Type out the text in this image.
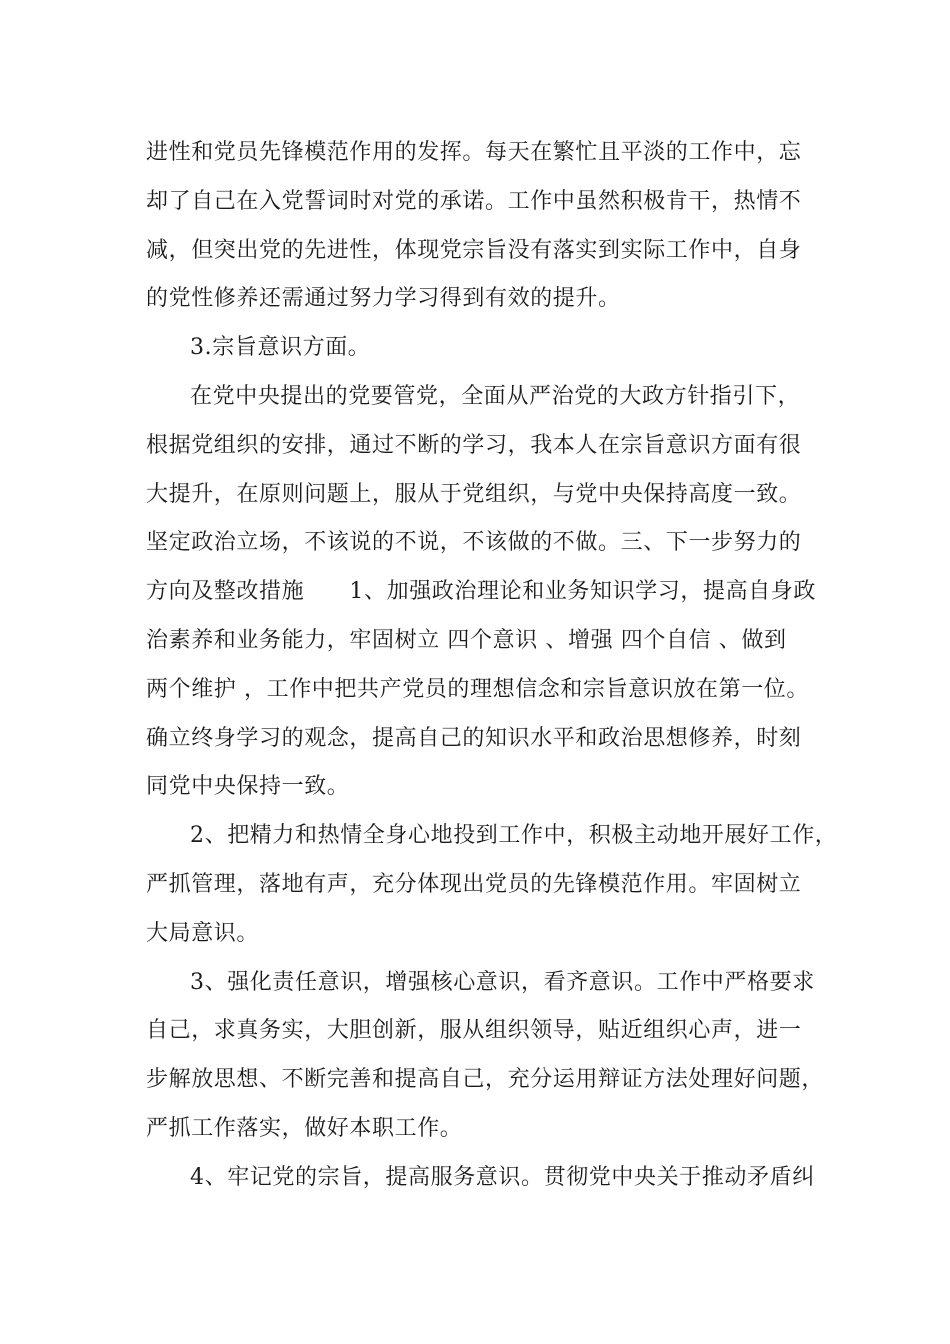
进性和党员先锋模范作用的发挥。每天在繁忙且平淡的工作中，忘
却了自己在入党誓词时对党的承诺。工作中虽然积极肯干，热情不
减，但突出党的先进性，体现党宗旨没有落实到实际工作中，自身
的党性修养还需通过努力学习得到有效的提升。

3.宗旨意识方面。

在党中央提出的党要管党，全面从严治党的大政方针指引下，
根据党组织的安排，通过不断的学习，我本人在宗旨意识方面有很
大提升，在原则问题上，服从于党组织，与党中央保持高度一致。
坚定政治立场，不该说的不说，不该做的不做。三、下一步努力的
方向及整改措施　　1、加强政治理论和业务知识学习，提高自身政
治素养和业务能力，牢固树立 四个意识 、增强 四个自信 、做到
两个维护 ，工作中把共产党员的理想信念和宗旨意识放在第一位。
确立终身学习的观念，提高自己的知识水平和政治思想修养，时刻
同党中央保持一致。

2、把精力和热情全身心地投到工作中，积极主动地开展好工作，
严抓管理，落地有声，充分体现出党员的先锋模范作用。牢固树立
大局意识。

3、强化责任意识，增强核心意识，看齐意识。工作中严格要求
自己，求真务实，大胆创新，服从组织领导，贴近组织心声，进一
步解放思想、不断完善和提高自己，充分运用辩证方法处理好问题，
严抓工作落实，做好本职工作。

4、牢记党的宗旨，提高服务意识。贯彻党中央关于推动矛盾纠
